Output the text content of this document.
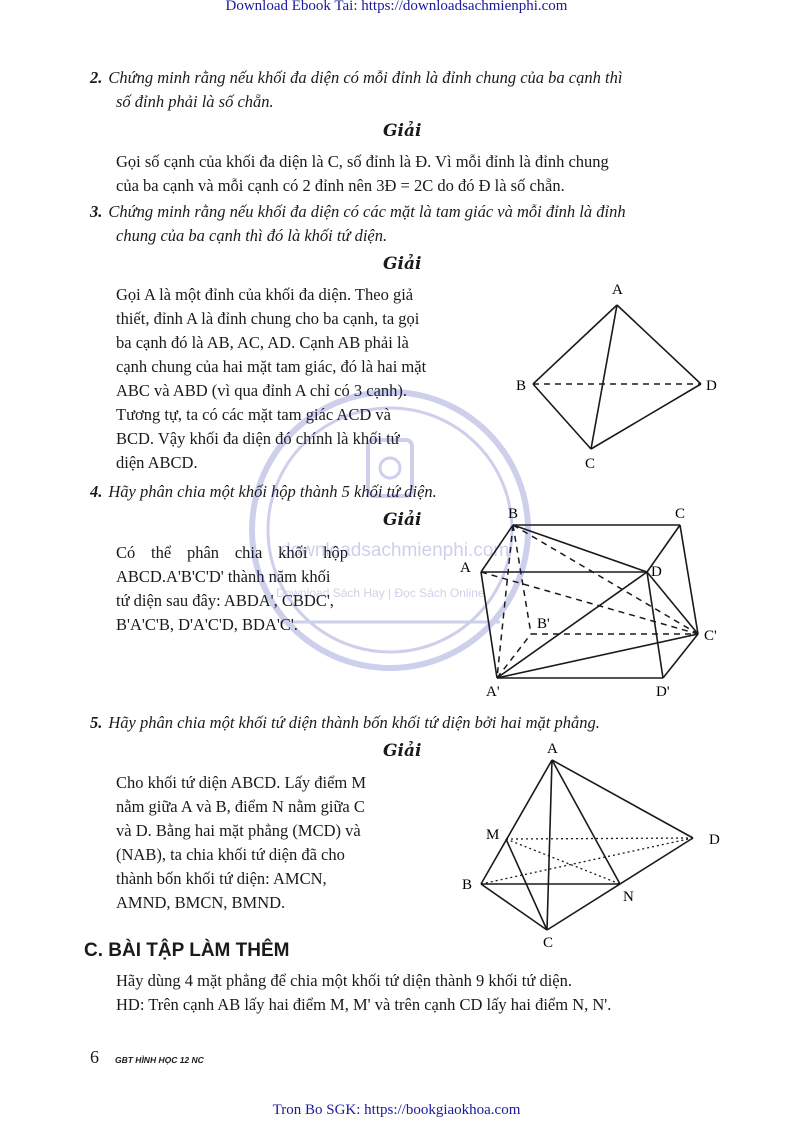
Download Ebook Tai: https://downloadsachmienphi.com
2. Chứng minh rằng nếu khối đa diện có mỗi đỉnh là đỉnh chung của ba cạnh thì
số đỉnh phải là số chẵn.
Giải
Gọi số cạnh của khối đa diện là C, số đỉnh là Đ. Vì mỗi đỉnh là đỉnh chung
của ba cạnh và mỗi cạnh có 2 đỉnh nên 3Đ = 2C do đó Đ là số chẵn.
3. Chứng minh rằng nếu khối đa diện có các mặt là tam giác và mỗi đỉnh là đỉnh
chung của ba cạnh thì đó là khối tứ diện.
Giải
Gọi A là một đỉnh của khối đa diện. Theo giả
thiết, đỉnh A là đỉnh chung cho ba cạnh, ta gọi
ba cạnh đó là AB, AC, AD. Cạnh AB phải là
cạnh chung của hai mặt tam giác, đó là hai mặt
ABC và ABD (vì qua đỉnh A chỉ có 3 cạnh).
Tương tự, ta có các mặt tam giác ACD và
BCD. Vậy khối đa diện đó chính là khối tứ
diện ABCD.
A
B	D
C
4. Hãy phân chia một khối hộp thành 5 khối tứ diện.
Giải
Có thể phân chia khối hộp
ABCD.A'B'C'D' thành năm khối
tứ diện sau đây: ABDA', CBDC',
B'A'C'B, D'A'C'D, BDA'C'.
B	C
A	D
B'
C'
A'	D'
5. Hãy phân chia một khối tứ diện thành bốn khối tứ diện bởi hai mặt phẳng.
Giải
Cho khối tứ diện ABCD. Lấy điểm M
nằm giữa A và B, điểm N nằm giữa C
và D. Bằng hai mặt phẳng (MCD) và
(NAB), ta chia khối tứ diện đã cho
thành bốn khối tứ diện: AMCN,
AMND, BMCN, BMND.
A
M	D
B
N
C
C. BÀI TẬP LÀM THÊM
Hãy dùng 4 mặt phẳng để chia một khối tứ diện thành 9 khối tứ diện.
HD: Trên cạnh AB lấy hai điểm M, M' và trên cạnh CD lấy hai điểm N, N'.
6 GBT HÌNH HỌC 12 NC
Tron Bo SGK: https://bookgiaokhoa.com
downloadsachmienphi.com
Download Sách Hay | Đọc Sách Online
